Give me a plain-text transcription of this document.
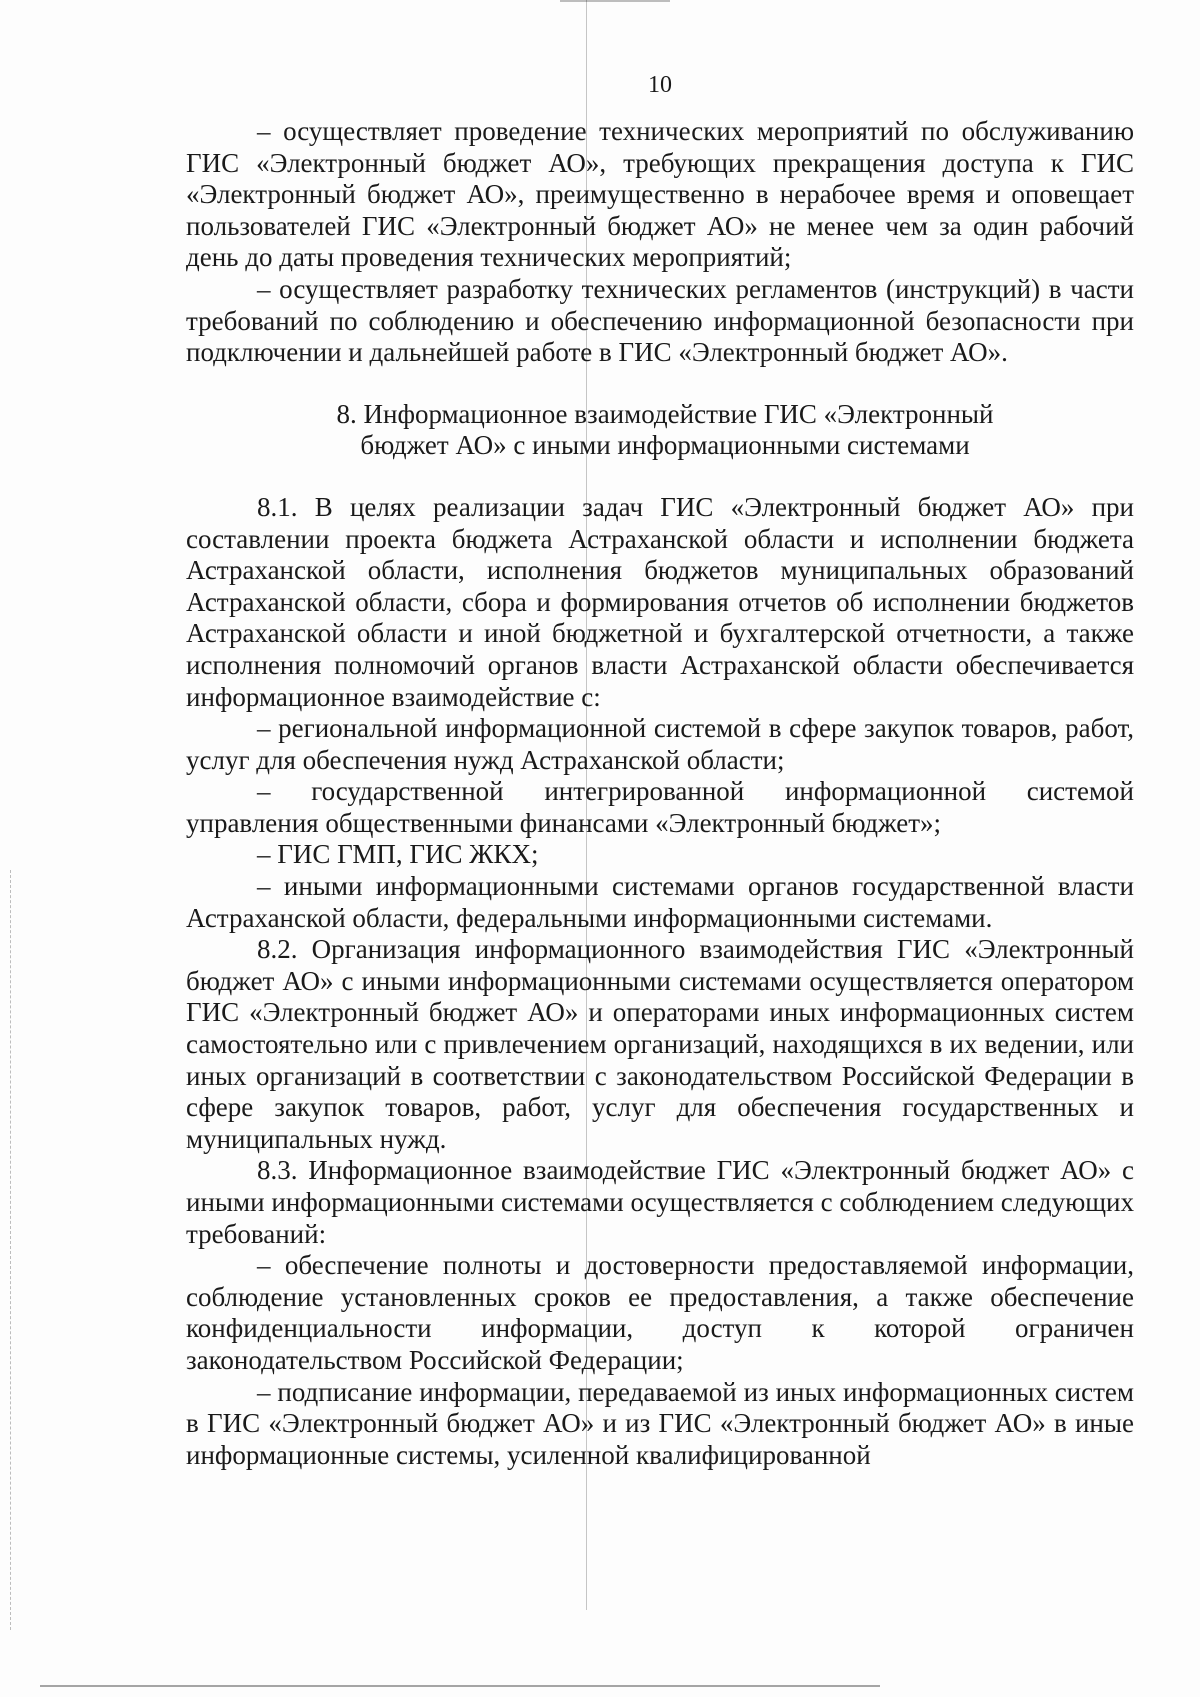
10

– осуществляет проведение технических мероприятий по обслуживанию ГИС «Электронный бюджет АО», требующих прекращения доступа к ГИС «Электронный бюджет АО», преимущественно в нерабочее время и оповещает пользователей ГИС «Электронный бюджет АО» не менее чем за один рабочий день до даты проведения технических мероприятий;

– осуществляет разработку технических регламентов (инструкций) в части требований по соблюдению и обеспечению информационной безопасности при подключении и дальнейшей работе в ГИС «Электронный бюджет АО».

8. Информационное взаимодействие ГИС «Электронный
бюджет АО» с иными информационными системами

8.1. В целях реализации задач ГИС «Электронный бюджет АО» при составлении проекта бюджета Астраханской области и исполнении бюджета Астраханской области, исполнения бюджетов муниципальных образований Астраханской области, сбора и формирования отчетов об исполнении бюджетов Астраханской области и иной бюджетной и бухгалтерской отчетности, а также исполнения полномочий органов власти Астраханской области обеспечивается информационное взаимодействие с:

– региональной информационной системой в сфере закупок товаров, работ, услуг для обеспечения нужд Астраханской области;

– государственной интегрированной информационной системой управления общественными финансами «Электронный бюджет»;

– ГИС ГМП, ГИС ЖКХ;

– иными информационными системами органов государственной власти Астраханской области, федеральными информационными системами.

8.2. Организация информационного взаимодействия ГИС «Электронный бюджет АО» с иными информационными системами осуществляется оператором ГИС «Электронный бюджет АО» и операторами иных информационных систем самостоятельно или с привлечением организаций, находящихся в их ведении, или иных организаций в соответствии с законодательством Российской Федерации в сфере закупок товаров, работ, услуг для обеспечения государственных и муниципальных нужд.

8.3. Информационное взаимодействие ГИС «Электронный бюджет АО» с иными информационными системами осуществляется с соблюдением следующих требований:

– обеспечение полноты и достоверности предоставляемой информации, соблюдение установленных сроков ее предоставления, а также обеспечение конфиденциальности информации, доступ к которой ограничен законодательством Российской Федерации;

– подписание информации, передаваемой из иных информационных систем в ГИС «Электронный бюджет АО» и из ГИС «Электронный бюджет АО» в иные информационные системы, усиленной квалифицированной
